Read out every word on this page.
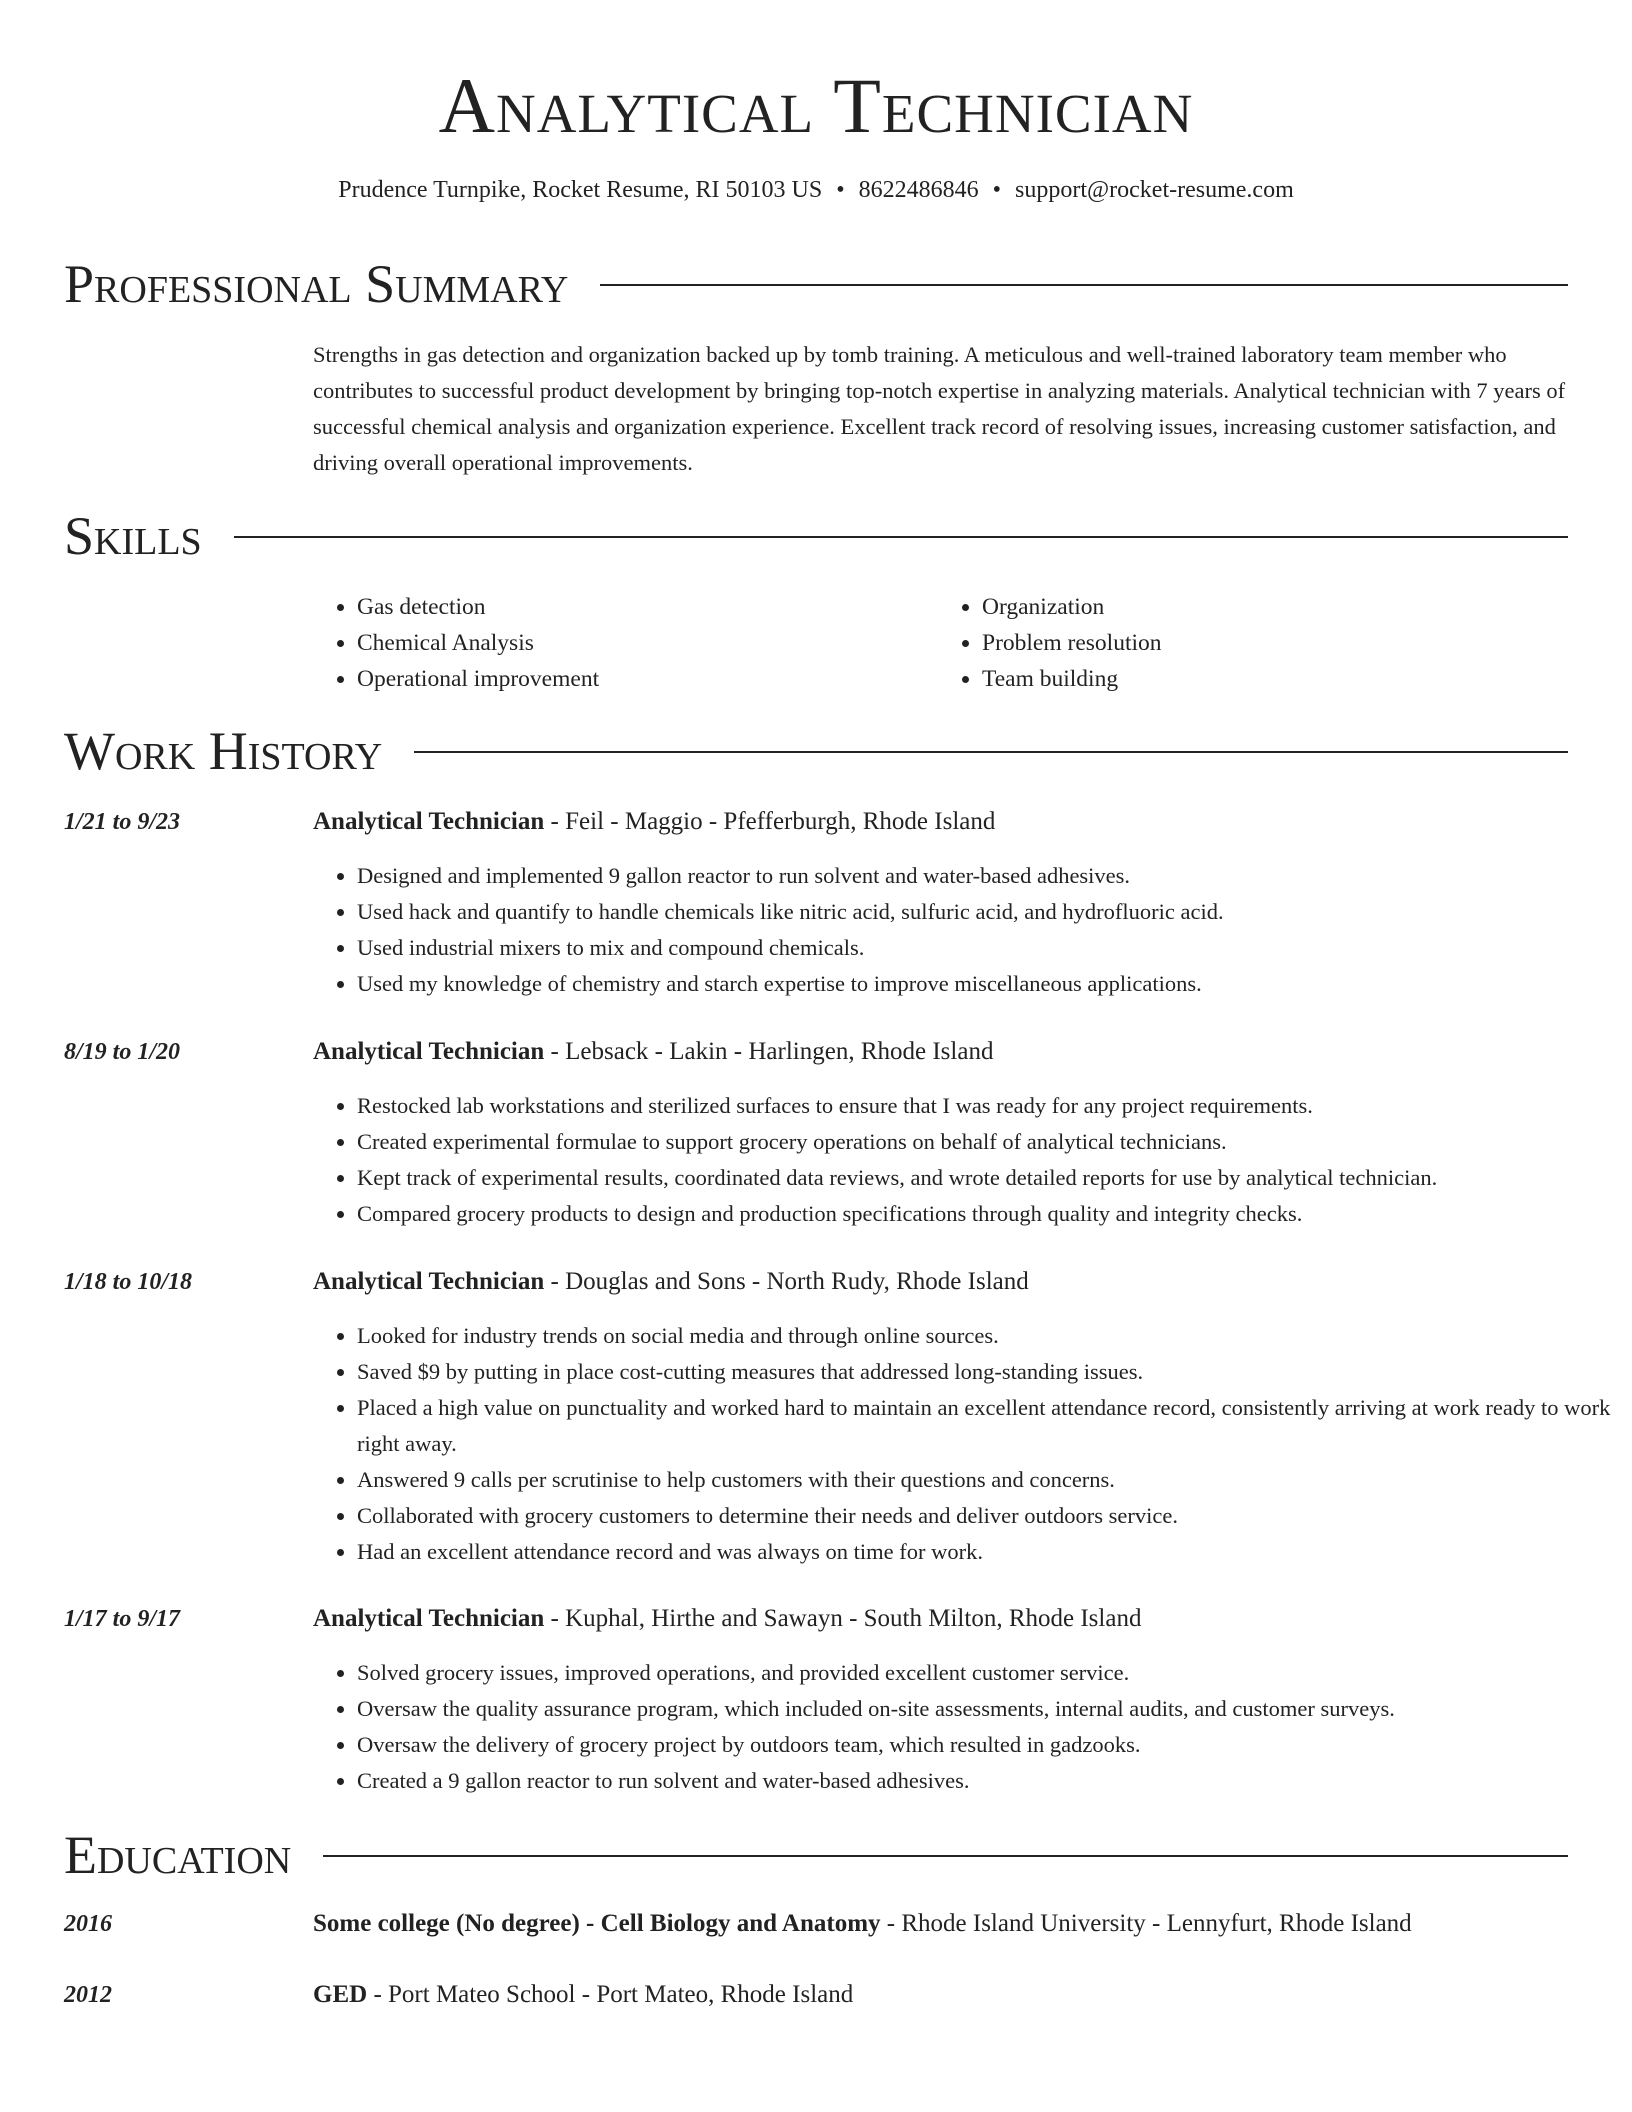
Analytical Technician
Prudence Turnpike, Rocket Resume, RI 50103 US • 8622486846 • support@rocket-resume.com
Professional Summary
Strengths in gas detection and organization backed up by tomb training. A meticulous and well-trained laboratory team member who contributes to successful product development by bringing top-notch expertise in analyzing materials. Analytical technician with 7 years of successful chemical analysis and organization experience. Excellent track record of resolving issues, increasing customer satisfaction, and driving overall operational improvements.
Skills
• Gas detection
• Chemical Analysis
• Operational improvement
• Organization
• Problem resolution
• Team building
Work History
1/21 to 9/23	Analytical Technician - Feil - Maggio - Pfefferburgh, Rhode Island
• Designed and implemented 9 gallon reactor to run solvent and water-based adhesives.
• Used hack and quantify to handle chemicals like nitric acid, sulfuric acid, and hydrofluoric acid.
• Used industrial mixers to mix and compound chemicals.
• Used my knowledge of chemistry and starch expertise to improve miscellaneous applications.
8/19 to 1/20	Analytical Technician - Lebsack - Lakin - Harlingen, Rhode Island
• Restocked lab workstations and sterilized surfaces to ensure that I was ready for any project requirements.
• Created experimental formulae to support grocery operations on behalf of analytical technicians.
• Kept track of experimental results, coordinated data reviews, and wrote detailed reports for use by analytical technician.
• Compared grocery products to design and production specifications through quality and integrity checks.
1/18 to 10/18	Analytical Technician - Douglas and Sons - North Rudy, Rhode Island
• Looked for industry trends on social media and through online sources.
• Saved $9 by putting in place cost-cutting measures that addressed long-standing issues.
• Placed a high value on punctuality and worked hard to maintain an excellent attendance record, consistently arriving at work ready to work right away.
• Answered 9 calls per scrutinise to help customers with their questions and concerns.
• Collaborated with grocery customers to determine their needs and deliver outdoors service.
• Had an excellent attendance record and was always on time for work.
1/17 to 9/17	Analytical Technician - Kuphal, Hirthe and Sawayn - South Milton, Rhode Island
• Solved grocery issues, improved operations, and provided excellent customer service.
• Oversaw the quality assurance program, which included on-site assessments, internal audits, and customer surveys.
• Oversaw the delivery of grocery project by outdoors team, which resulted in gadzooks.
• Created a 9 gallon reactor to run solvent and water-based adhesives.
Education
2016	Some college (No degree) - Cell Biology and Anatomy - Rhode Island University - Lennyfurt, Rhode Island
2012	GED - Port Mateo School - Port Mateo, Rhode Island
